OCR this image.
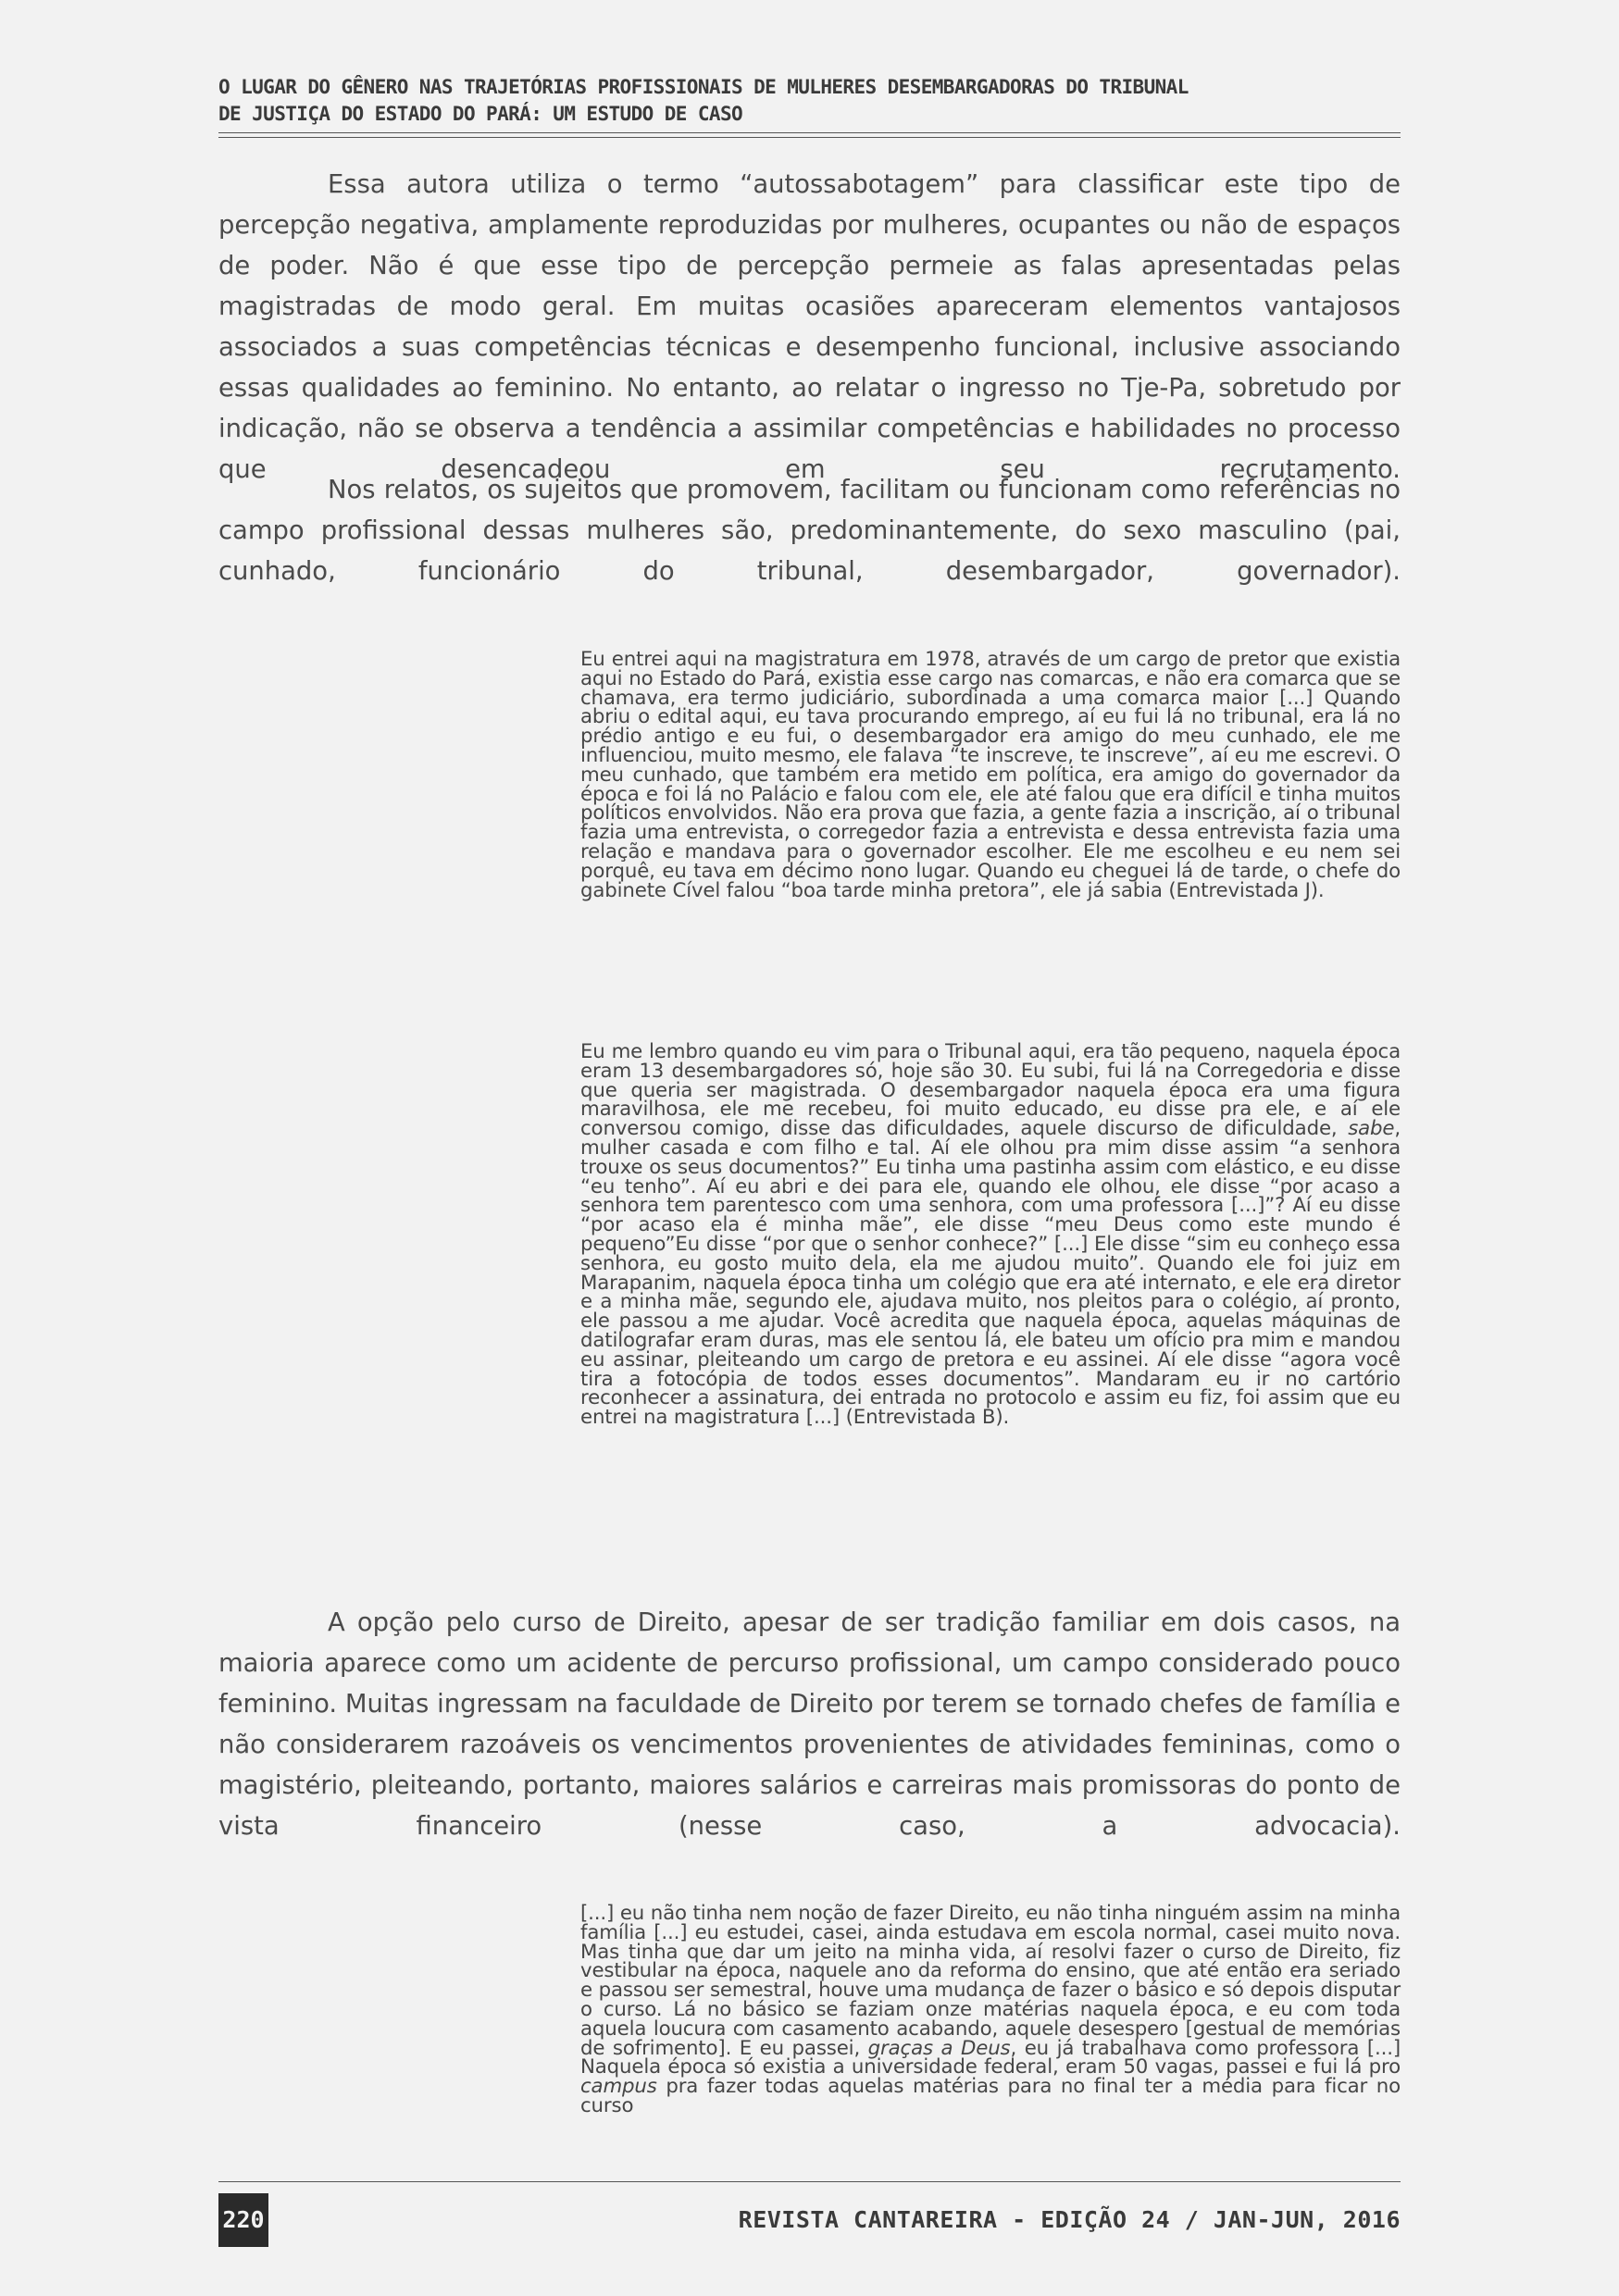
O LUGAR DO GÊNERO NAS TRAJETÓRIAS PROFISSIONAIS DE MULHERES DESEMBARGADORAS DO TRIBUNAL
DE JUSTIÇA DO ESTADO DO PARÁ: UM ESTUDO DE CASO

Essa autora utiliza o termo “autossabotagem” para classificar este tipo de percepção negativa, amplamente reproduzidas por mulheres, ocupantes ou não de espaços de poder. Não é que esse tipo de percepção permeie as falas apresentadas pelas magistradas de modo geral. Em muitas ocasiões apareceram elementos vantajosos associados a suas competências técnicas e desempenho funcional, inclusive associando essas qualidades ao feminino. No entanto, ao relatar o ingresso no Tje-Pa, sobretudo por indicação, não se observa a tendência a assimilar competências e habilidades no processo que desencadeou em seu recrutamento.

Nos relatos, os sujeitos que promovem, facilitam ou funcionam como referências no campo profissional dessas mulheres são, predominantemente, do sexo masculino (pai, cunhado, funcionário do tribunal, desembargador, governador).

Eu entrei aqui na magistratura em 1978, através de um cargo de pretor que existia aqui no Estado do Pará, existia esse cargo nas comarcas, e não era comarca que se chamava, era termo judiciário, subordinada a uma comarca maior [...] Quando abriu o edital aqui, eu tava procurando emprego, aí eu fui lá no tribunal, era lá no prédio antigo e eu fui, o desembargador era amigo do meu cunhado, ele me influenciou, muito mesmo, ele falava “te inscreve, te inscreve”, aí eu me escrevi. O meu cunhado, que também era metido em política, era amigo do governador da época e foi lá no Palácio e falou com ele, ele até falou que era difícil e tinha muitos políticos envolvidos. Não era prova que fazia, a gente fazia a inscrição, aí o tribunal fazia uma entrevista, o corregedor fazia a entrevista e dessa entrevista fazia uma relação e mandava para o governador escolher. Ele me escolheu e eu nem sei porquê, eu tava em décimo nono lugar. Quando eu cheguei lá de tarde, o chefe do gabinete Cível falou “boa tarde minha pretora”, ele já sabia (Entrevistada J).

Eu me lembro quando eu vim para o Tribunal aqui, era tão pequeno, naquela época eram 13 desembargadores só, hoje são 30. Eu subi, fui lá na Corregedoria e disse que queria ser magistrada. O desembargador naquela época era uma figura maravilhosa, ele me recebeu, foi muito educado, eu disse pra ele, e aí ele conversou comigo, disse das dificuldades, aquele discurso de dificuldade, sabe, mulher casada e com filho e tal. Aí ele olhou pra mim disse assim “a senhora trouxe os seus documentos?” Eu tinha uma pastinha assim com elástico, e eu disse “eu tenho”. Aí eu abri e dei para ele, quando ele olhou, ele disse “por acaso a senhora tem parentesco com uma senhora, com uma professora [...]”? Aí eu disse “por acaso ela é minha mãe”, ele disse “meu Deus como este mundo é pequeno”Eu disse “por que o senhor conhece?” [...] Ele disse “sim eu conheço essa senhora, eu gosto muito dela, ela me ajudou muito”. Quando ele foi juiz em Marapanim, naquela época tinha um colégio que era até internato, e ele era diretor e a minha mãe, segundo ele, ajudava muito, nos pleitos para o colégio, aí pronto, ele passou a me ajudar. Você acredita que naquela época, aquelas máquinas de datilografar eram duras, mas ele sentou lá, ele bateu um ofício pra mim e mandou eu assinar, pleiteando um cargo de pretora e eu assinei. Aí ele disse “agora você tira a fotocópia de todos esses documentos”. Mandaram eu ir no cartório reconhecer a assinatura, dei entrada no protocolo e assim eu fiz, foi assim que eu entrei na magistratura [...] (Entrevistada B).

A opção pelo curso de Direito, apesar de ser tradição familiar em dois casos, na maioria aparece como um acidente de percurso profissional, um campo considerado pouco feminino. Muitas ingressam na faculdade de Direito por terem se tornado chefes de família e não considerarem razoáveis os vencimentos provenientes de atividades femininas, como o magistério, pleiteando, portanto, maiores salários e carreiras mais promissoras do ponto de vista financeiro (nesse caso, a advocacia).

[...] eu não tinha nem noção de fazer Direito, eu não tinha ninguém assim na minha família [...] eu estudei, casei, ainda estudava em escola normal, casei muito nova. Mas tinha que dar um jeito na minha vida, aí resolvi fazer o curso de Direito, fiz vestibular na época, naquele ano da reforma do ensino, que até então era seriado e passou ser semestral, houve uma mudança de fazer o básico e só depois disputar o curso. Lá no básico se faziam onze matérias naquela época, e eu com toda aquela loucura com casamento acabando, aquele desespero [gestual de memórias de sofrimento]. E eu passei, graças a Deus, eu já trabalhava como professora [...] Naquela época só existia a universidade federal, eram 50 vagas, passei e fui lá pro campus pra fazer todas aquelas matérias para no final ter a média para ficar no curso

220	REVISTA CANTAREIRA - EDIÇÃO 24 / JAN-JUN, 2016
